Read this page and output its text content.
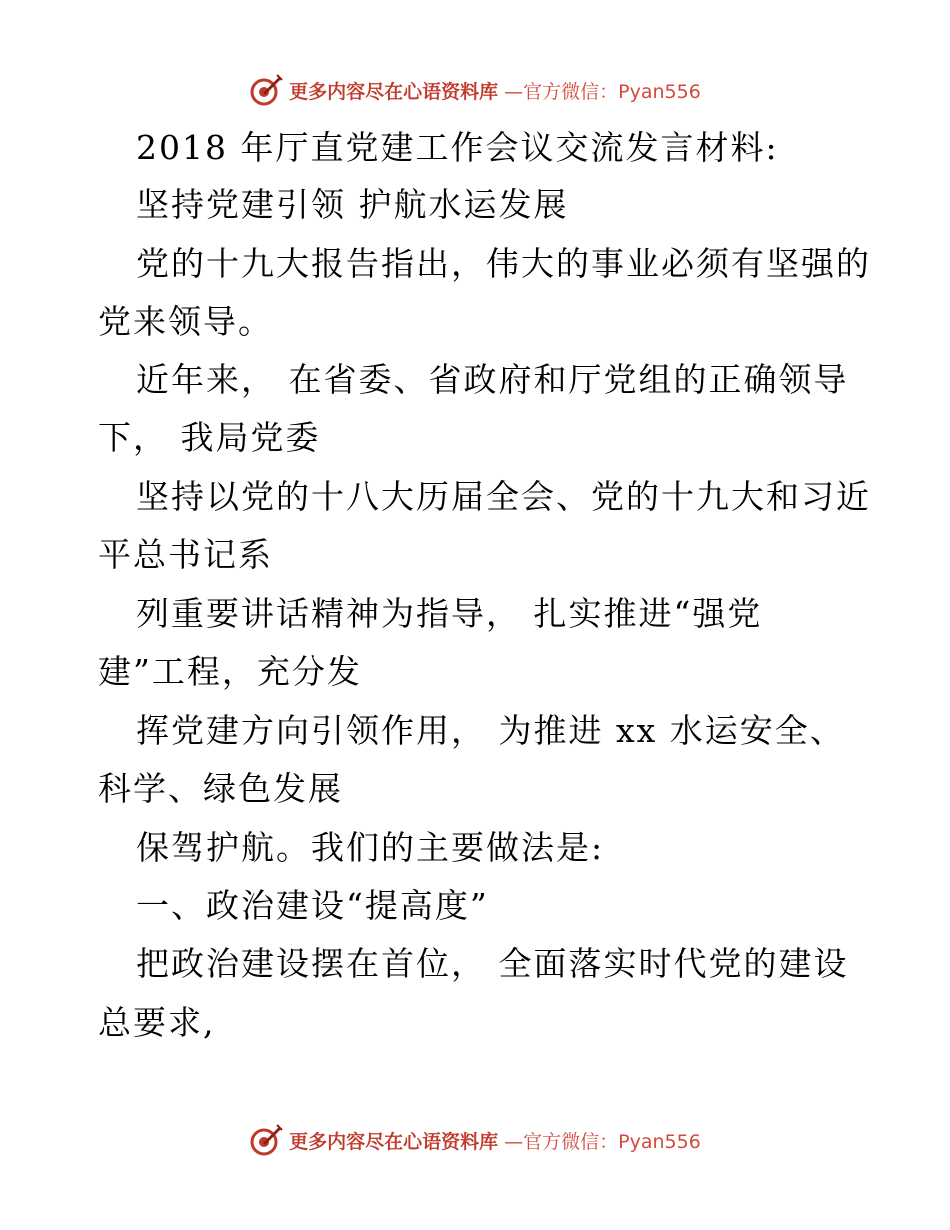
更多内容尽在心语资料库 —官方微信：Pyan556
2018 年厅直党建工作会议交流发言材料:
坚持党建引领 护航水运发展
党的十九大报告指出，伟大的事业必须有坚强的
党来领导。
近年来， 在省委、省政府和厅党组的正确领导
下， 我局党委
坚持以党的十八大历届全会、党的十九大和习近
平总书记系
列重要讲话精神为指导， 扎实推进“强党
建”工程，充分发
挥党建方向引领作用， 为推进 xx 水运安全、
科学、绿色发展
保驾护航。我们的主要做法是:
一、政治建设“提高度”
把政治建设摆在首位， 全面落实时代党的建设
总要求,
更多内容尽在心语资料库 —官方微信：Pyan556
